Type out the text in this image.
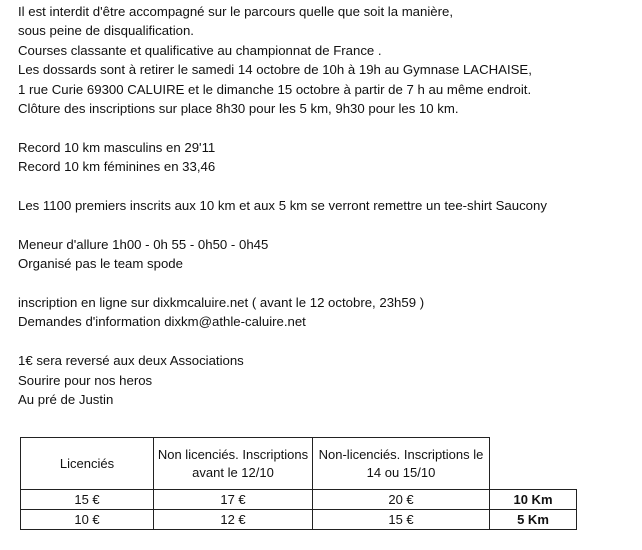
Il est interdit d'être accompagné sur le parcours quelle que soit la manière,
sous peine de disqualification.
Courses classante et qualificative au championnat de France .
Les dossards sont à retirer le samedi 14 octobre de 10h à 19h au Gymnase LACHAISE,
1 rue Curie 69300 CALUIRE et le dimanche 15 octobre à partir de 7 h au même endroit.
Clôture des inscriptions sur place 8h30 pour les 5 km, 9h30 pour les 10 km.
Record 10 km masculins en 29'11
Record 10 km féminines en 33,46
Les 1100 premiers inscrits aux 10 km et aux 5 km se verront remettre un tee-shirt Saucony
Meneur d'allure 1h00 - 0h 55 - 0h50 - 0h45
Organisé pas le team spode
inscription en ligne sur dixkmcaluire.net ( avant le 12 octobre, 23h59 )
Demandes d'information dixkm@athle-caluire.net
1€ sera reversé aux deux Associations
Sourire pour nos heros
Au pré de Justin
Licenciés	Non licenciés. Inscriptions avant le 12/10	Non-licenciés. Inscriptions le 14 ou 15/10	
15 €	17 €	20 €	10 Km
10 €	12 €	15 €	5 Km
